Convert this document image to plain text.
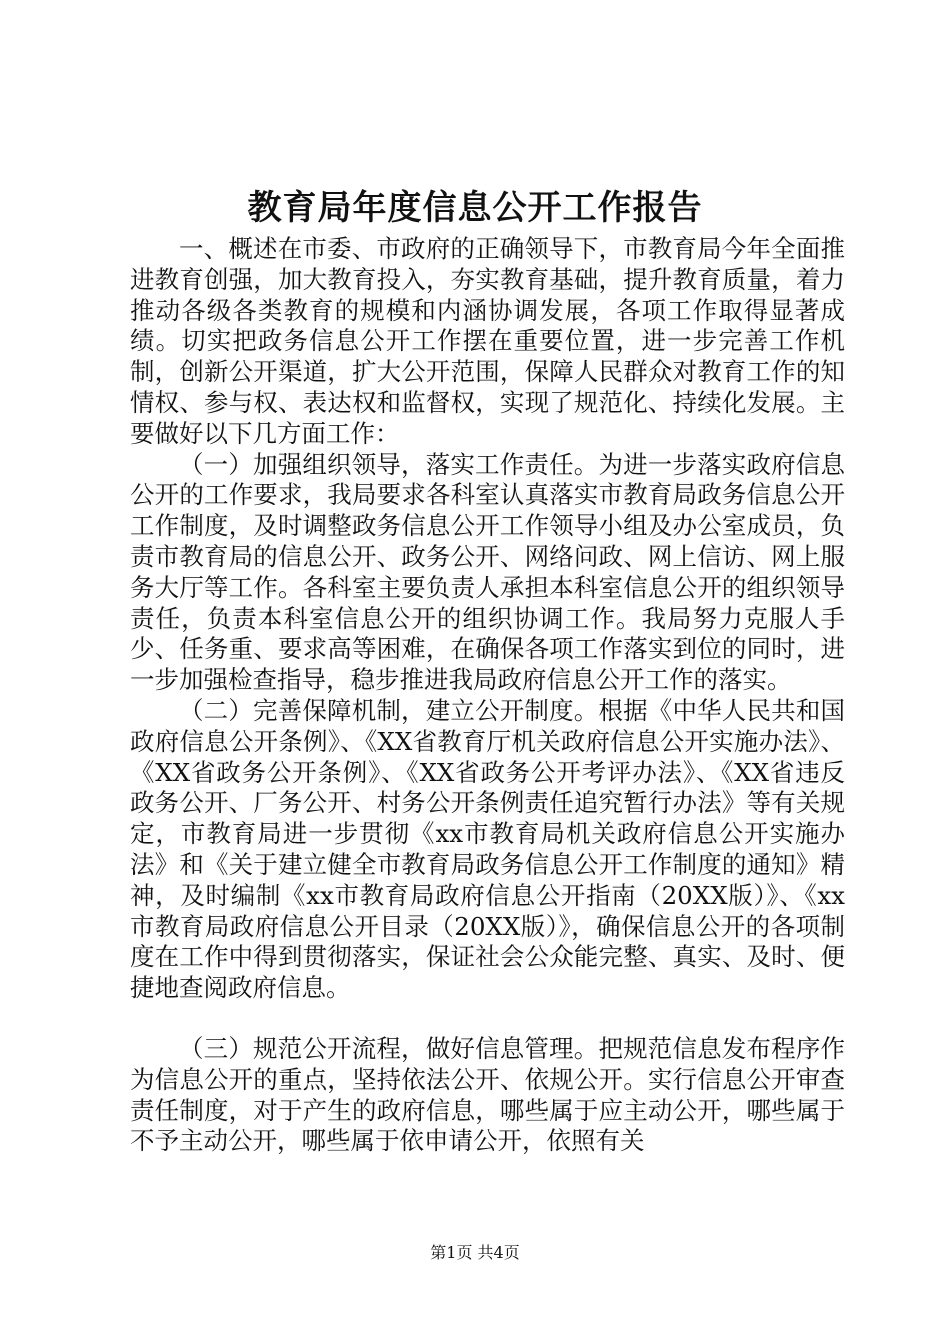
教育局年度信息公开工作报告

一、概述在市委、市政府的正确领导下，市教育局今年全面推进教育创强，加大教育投入，夯实教育基础，提升教育质量，着力推动各级各类教育的规模和内涵协调发展，各项工作取得显著成绩。切实把政务信息公开工作摆在重要位置，进一步完善工作机制，创新公开渠道，扩大公开范围，保障人民群众对教育工作的知情权、参与权、表达权和监督权，实现了规范化、持续化发展。主要做好以下几方面工作：

（一）加强组织领导，落实工作责任。为进一步落实政府信息公开的工作要求，我局要求各科室认真落实市教育局政务信息公开工作制度，及时调整政务信息公开工作领导小组及办公室成员，负责市教育局的信息公开、政务公开、网络问政、网上信访、网上服务大厅等工作。各科室主要负责人承担本科室信息公开的组织领导责任，负责本科室信息公开的组织协调工作。我局努力克服人手少、任务重、要求高等困难，在确保各项工作落实到位的同时，进一步加强检查指导，稳步推进我局政府信息公开工作的落实。

（二）完善保障机制，建立公开制度。根据《中华人民共和国政府信息公开条例》、《XX省教育厅机关政府信息公开实施办法》、《XX省政务公开条例》、《XX省政务公开考评办法》、《XX省违反政务公开、厂务公开、村务公开条例责任追究暂行办法》等有关规定，市教育局进一步贯彻《xx市教育局机关政府信息公开实施办法》和《关于建立健全市教育局政务信息公开工作制度的通知》精神，及时编制《xx市教育局政府信息公开指南（20XX版）》、《xx市教育局政府信息公开目录（20XX版）》，确保信息公开的各项制度在工作中得到贯彻落实，保证社会公众能完整、真实、及时、便捷地查阅政府信息。

（三）规范公开流程，做好信息管理。把规范信息发布程序作为信息公开的重点，坚持依法公开、依规公开。实行信息公开审查责任制度，对于产生的政府信息，哪些属于应主动公开，哪些属于不予主动公开，哪些属于依申请公开，依照有关

第1页 共4页
